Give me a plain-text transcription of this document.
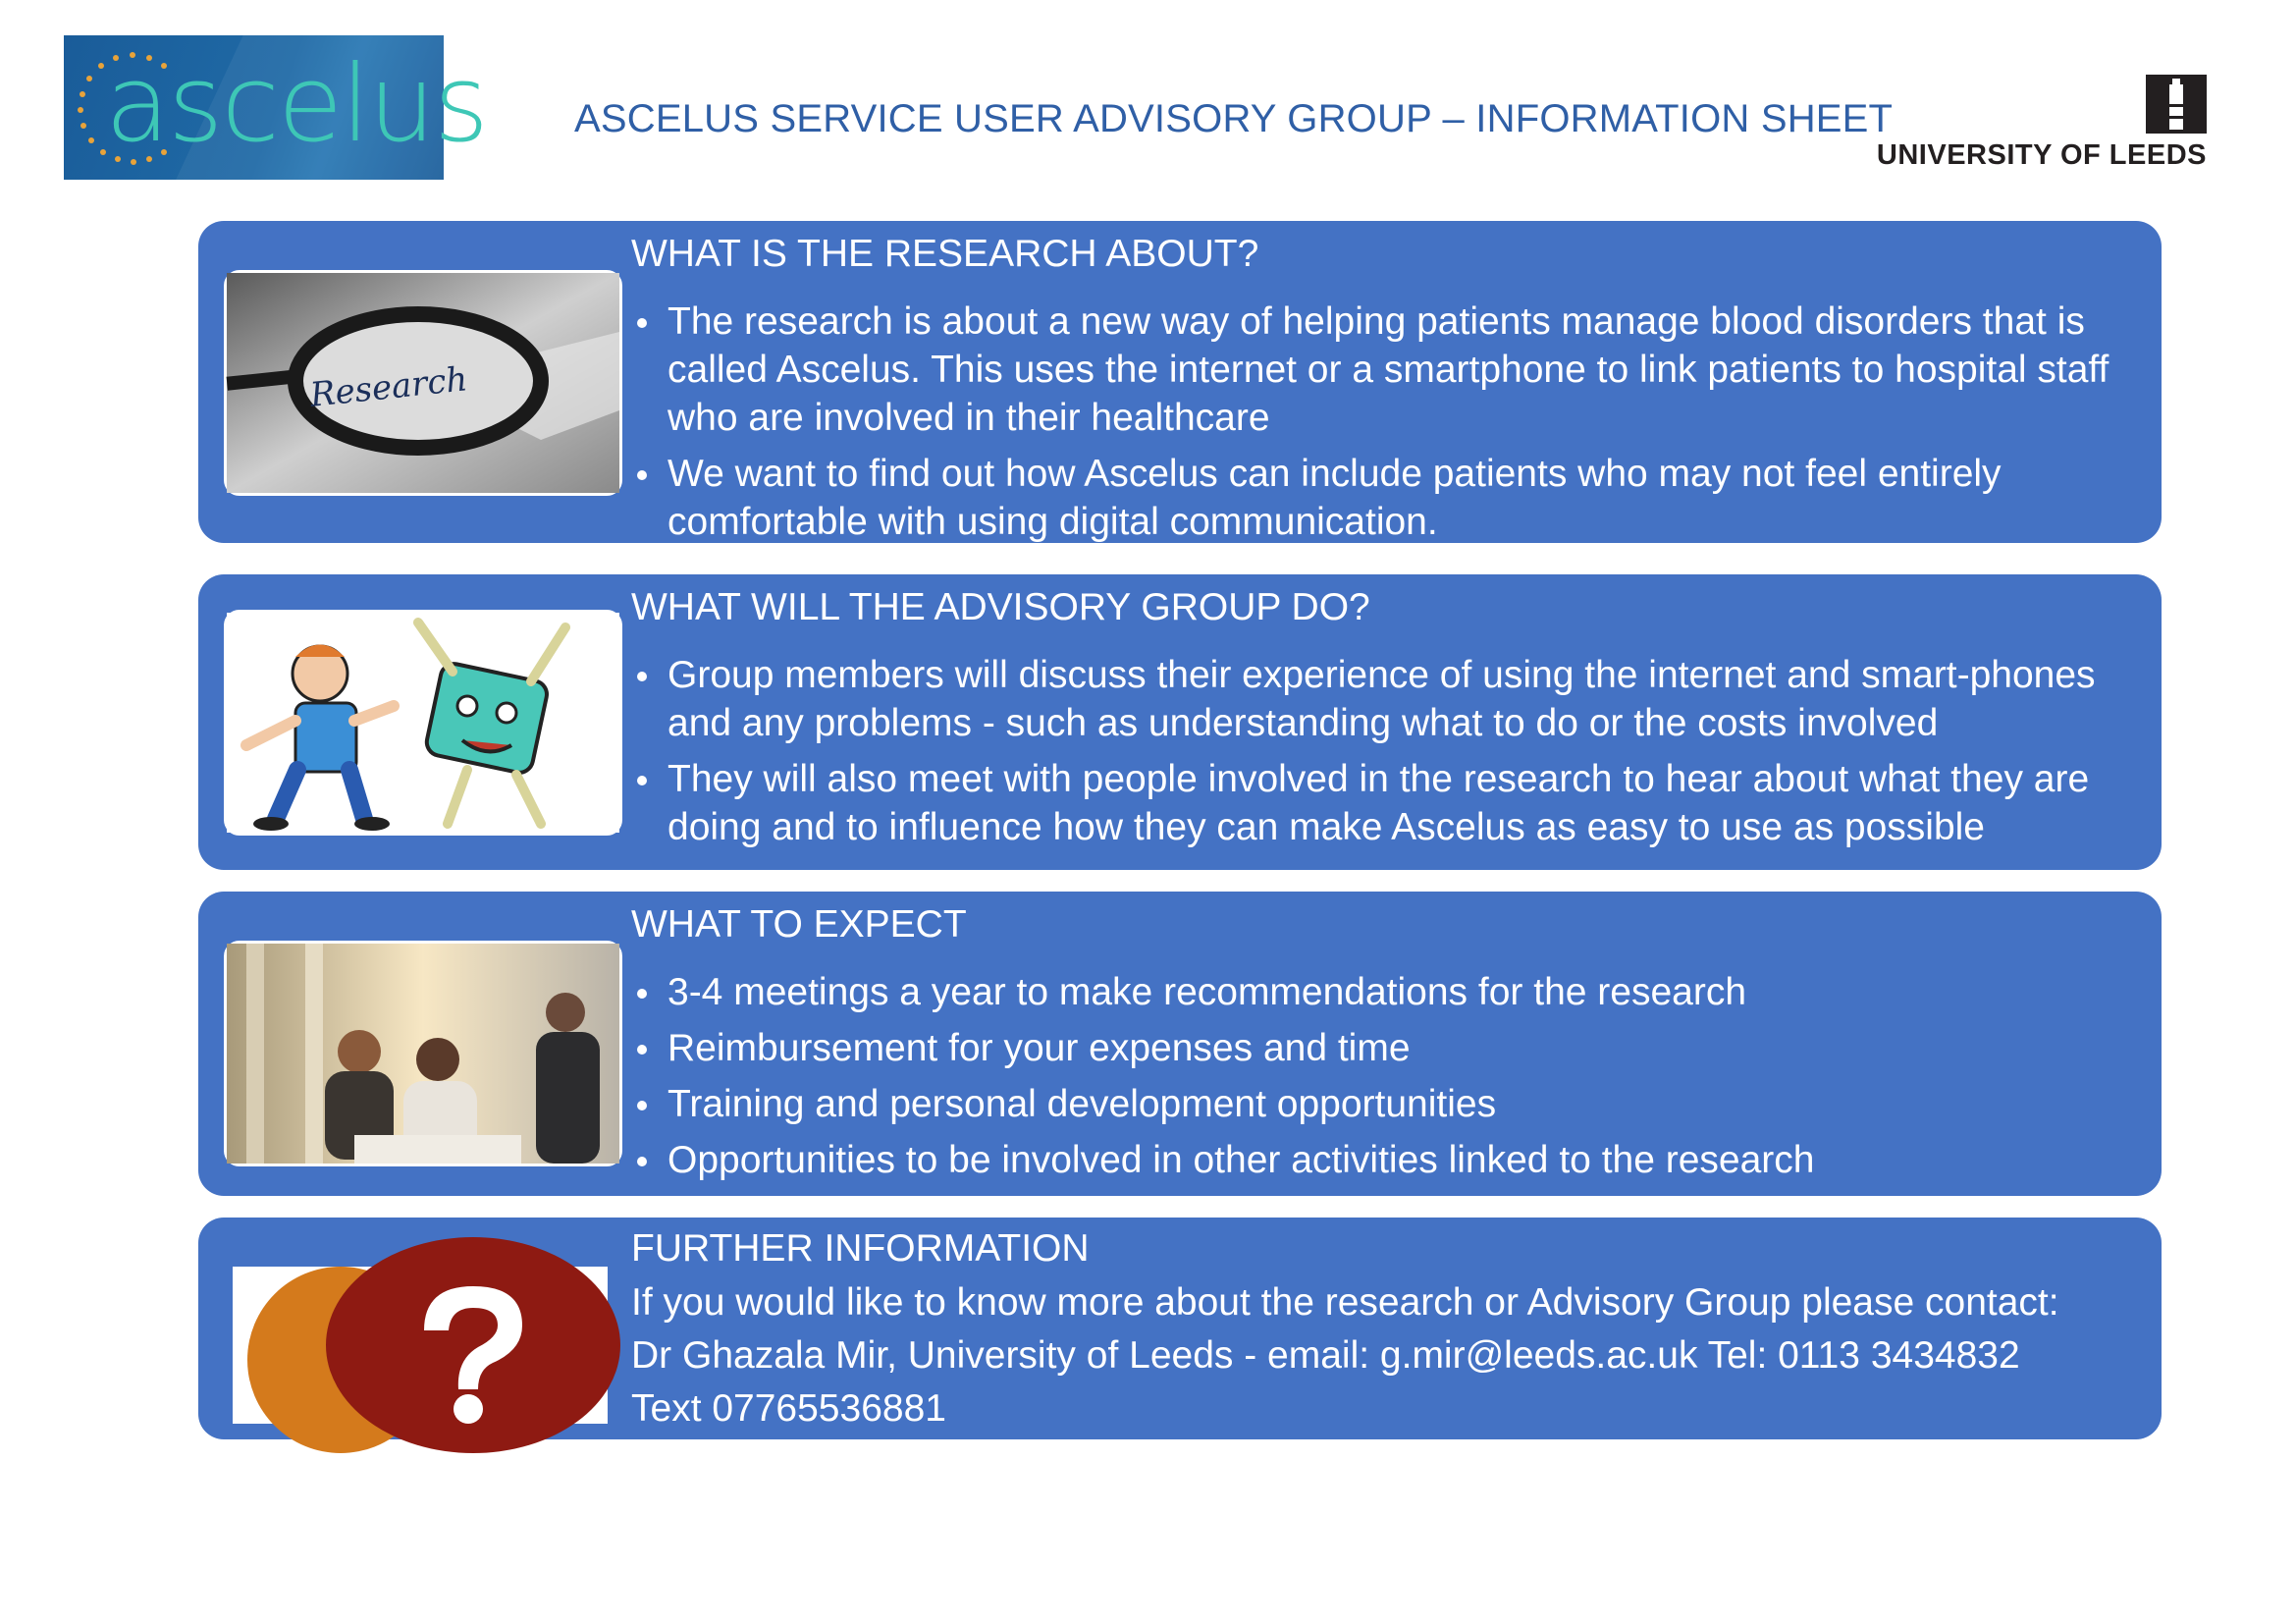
ascelus ASCELUS SERVICE USER ADVISORY GROUP – INFORMATION SHEET
UNIVERSITY OF LEEDS
Research
WHAT IS THE RESEARCH ABOUT?
The research is about a new way of helping patients manage blood disorders that is called Ascelus. This uses the internet or a smartphone to link patients to hospital staff who are involved in their healthcare
We want to find out how Ascelus can include patients who may not feel entirely comfortable with using digital communication.
WHAT WILL THE ADVISORY GROUP DO?
Group members will discuss their experience of using the internet and smart-phones and any problems - such as understanding what to do or the costs involved
They will also meet with people involved in the research to hear about what they are doing and to influence how they can make Ascelus as easy to use as possible
WHAT TO EXPECT
3-4 meetings a year to make recommendations for the research
Reimbursement for your expenses and time
Training and personal development opportunities
Opportunities to be involved in other activities linked to the research
FURTHER INFORMATION
If you would like to know more about the research or Advisory Group please contact:
Dr Ghazala Mir, University of Leeds - email: g.mir@leeds.ac.uk Tel: 0113 3434832
Text 07765536881
